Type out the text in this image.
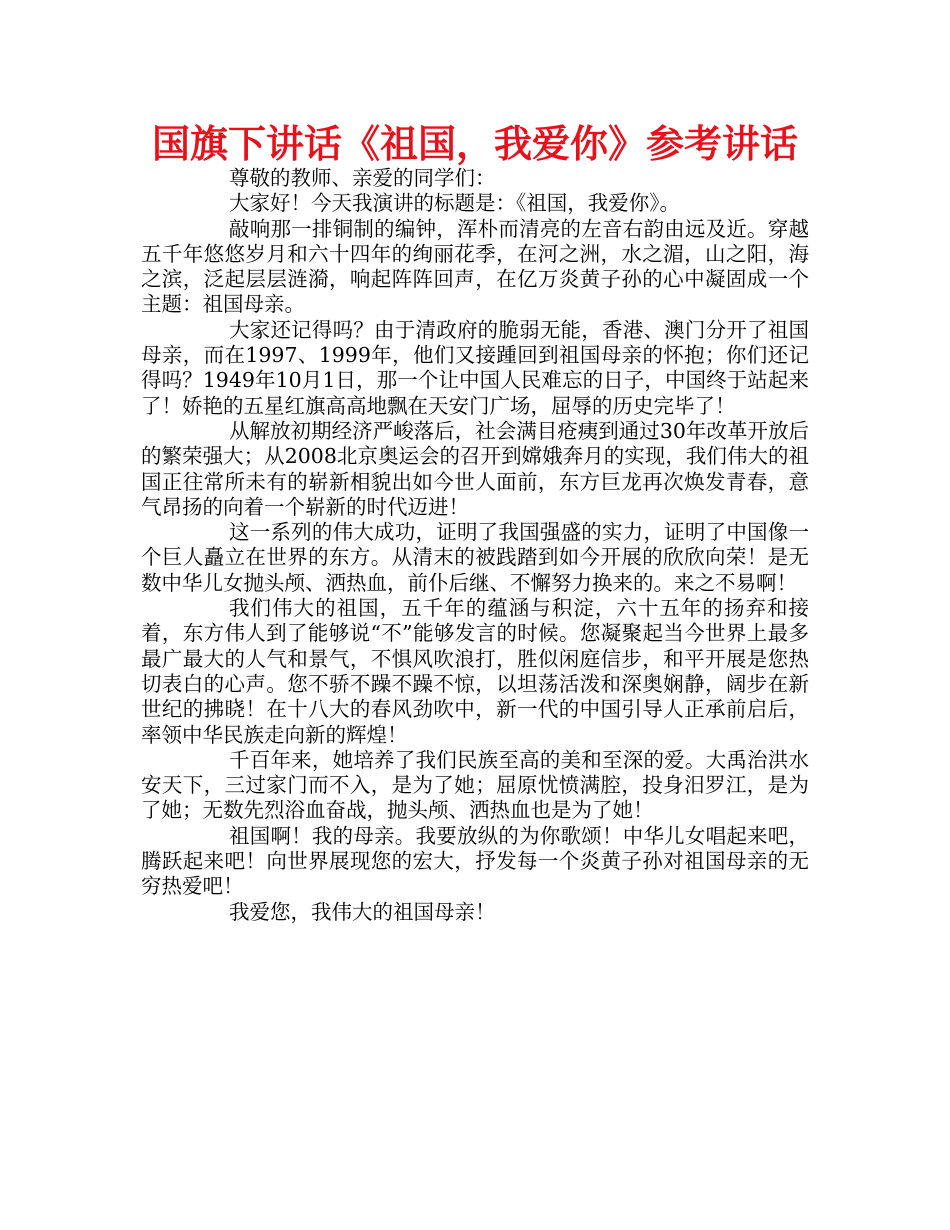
国旗下讲话《祖国，我爱你》参考讲话

尊敬的教师、亲爱的同学们：

大家好！今天我演讲的标题是：《祖国，我爱你》。

敲响那一排铜制的编钟，浑朴而清亮的左音右韵由远及近。穿越五千年悠悠岁月和六十四年的绚丽花季，在河之洲，水之湄，山之阳，海之滨，泛起层层涟漪，响起阵阵回声，在亿万炎黄子孙的心中凝固成一个主题：祖国母亲。

大家还记得吗？由于清政府的脆弱无能，香港、澳门分开了祖国母亲，而在1997、1999年，他们又接踵回到祖国母亲的怀抱；你们还记得吗？1949年10月1日，那一个让中国人民难忘的日子，中国终于站起来了！娇艳的五星红旗高高地飘在天安门广场，屈辱的历史完毕了！

从解放初期经济严峻落后，社会满目疮痍到通过30年改革开放后的繁荣强大；从2008北京奥运会的召开到嫦娥奔月的实现，我们伟大的祖国正往常所未有的崭新相貌出如今世人面前，东方巨龙再次焕发青春，意气昂扬的向着一个崭新的时代迈进！

这一系列的伟大成功，证明了我国强盛的实力，证明了中国像一个巨人矗立在世界的东方。从清末的被践踏到如今开展的欣欣向荣！是无数中华儿女抛头颅、洒热血，前仆后继、不懈努力换来的。来之不易啊！

我们伟大的祖国，五千年的蕴涵与积淀，六十五年的扬弃和接着，东方伟人到了能够说“不”能够发言的时候。您凝聚起当今世界上最多最广最大的人气和景气，不惧风吹浪打，胜似闲庭信步，和平开展是您热切表白的心声。您不骄不躁不躁不惊，以坦荡活泼和深奥娴静，阔步在新世纪的拂晓！在十八大的春风劲吹中，新一代的中国引导人正承前启后，率领中华民族走向新的辉煌！

千百年来，她培养了我们民族至高的美和至深的爱。大禹治洪水安天下，三过家门而不入，是为了她；屈原忧愤满腔，投身汨罗江，是为了她；无数先烈浴血奋战，抛头颅、洒热血也是为了她！

祖国啊！我的母亲。我要放纵的为你歌颂！中华儿女唱起来吧，腾跃起来吧！向世界展现您的宏大，抒发每一个炎黄子孙对祖国母亲的无穷热爱吧！

我爱您，我伟大的祖国母亲！
